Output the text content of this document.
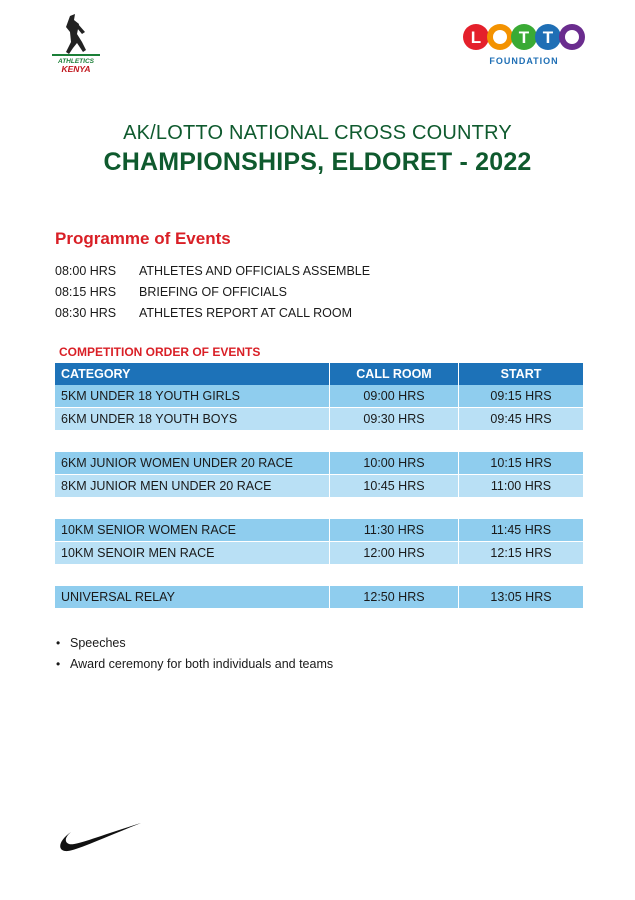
ATHLETICS
KENYA
L	O T T	O
FOUNDATION
AK/LOTTO NATIONAL CROSS COUNTRY
CHAMPIONSHIPS, ELDORET - 2022
Programme of Events
08:00 HRS	ATHLETES AND OFFICIALS ASSEMBLE
08:15 HRS	BRIEFING OF OFFICIALS
08:30 HRS	ATHLETES REPORT AT CALL ROOM
COMPETITION ORDER OF EVENTS
CATEGORY	CALL ROOM	START
5KM UNDER 18 YOUTH GIRLS	09:00 HRS	09:15 HRS
6KM UNDER 18 YOUTH BOYS	09:30 HRS	09:45 HRS

6KM JUNIOR WOMEN UNDER 20 RACE	10:00 HRS	10:15 HRS
8KM JUNIOR MEN UNDER 20 RACE	10:45 HRS	11:00 HRS

10KM SENIOR WOMEN RACE	11:30 HRS	11:45 HRS
10KM SENOIR MEN RACE	12:00 HRS	12:15 HRS

UNIVERSAL RELAY	12:50 HRS	13:05 HRS
• Speeches
• Award ceremony for both individuals and teams
